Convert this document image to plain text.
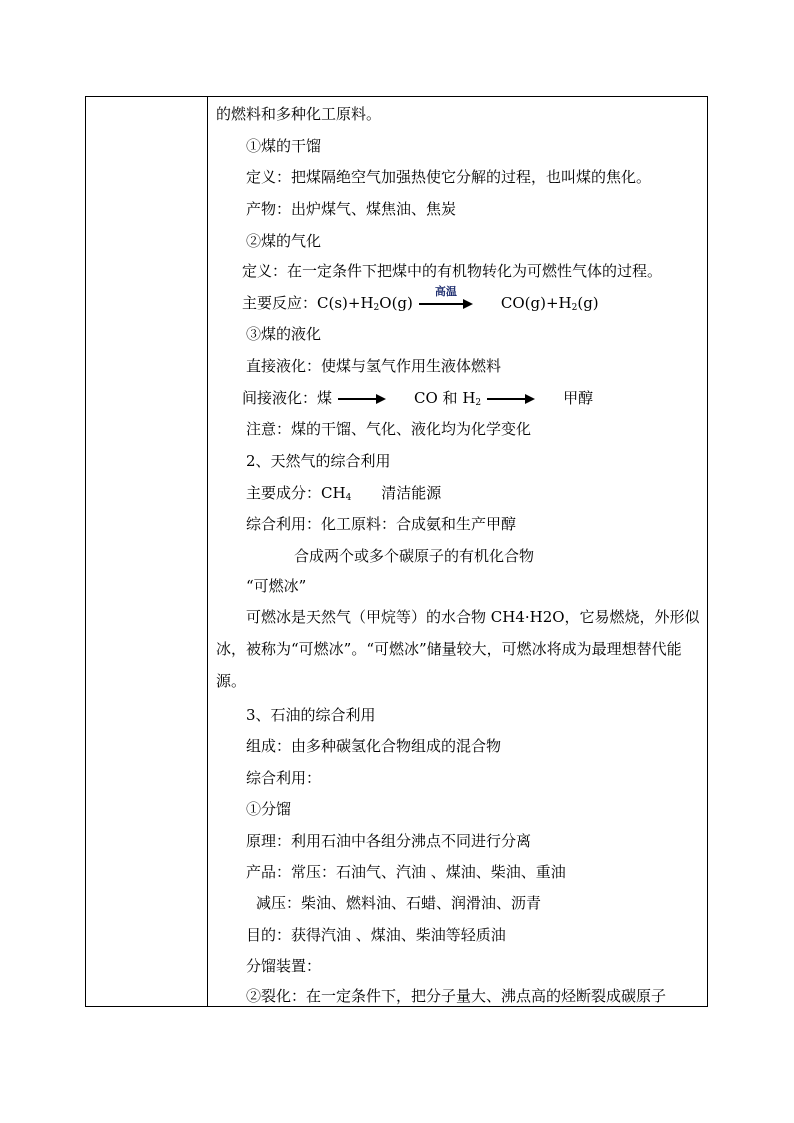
的燃料和多种化工原料。
①煤的干馏
定义：把煤隔绝空气加强热使它分解的过程，也叫煤的焦化。
产物：出炉煤气、煤焦油、焦炭
②煤的气化
定义：在一定条件下把煤中的有机物转化为可燃性气体的过程。
主要反应：$C(s)+H_2O(g)$
高温
$CO(g)+H_2(g)$
③煤的液化
直接液化：使煤与氢气作用生液体燃料
间接液化：煤	CO 和 $H_2$	甲醇
注意：煤的干馏、气化、液化均为化学变化
2、天然气的综合利用
主要成分：$CH_4$ 清洁能源
综合利用：化工原料：合成氨和生产甲醇
合成两个或多个碳原子的有机化合物
“可燃冰”
可燃冰是天然气（甲烷等）的水合物 CH4·H2O，它易燃烧，外形似冰，被称为“可燃冰”。“可燃冰”储量较大，可燃冰将成为最理想替代能源。
3、石油的综合利用
组成：由多种碳氢化合物组成的混合物
综合利用：
①分馏
原理：利用石油中各组分沸点不同进行分离
产品：常压：石油气、汽油 、煤油、柴油、重油
减压：柴油、燃料油、石蜡、润滑油、沥青
目的：获得汽油 、煤油、柴油等轻质油
分馏装置：
②裂化：在一定条件下，把分子量大、沸点高的烃断裂成碳原子
